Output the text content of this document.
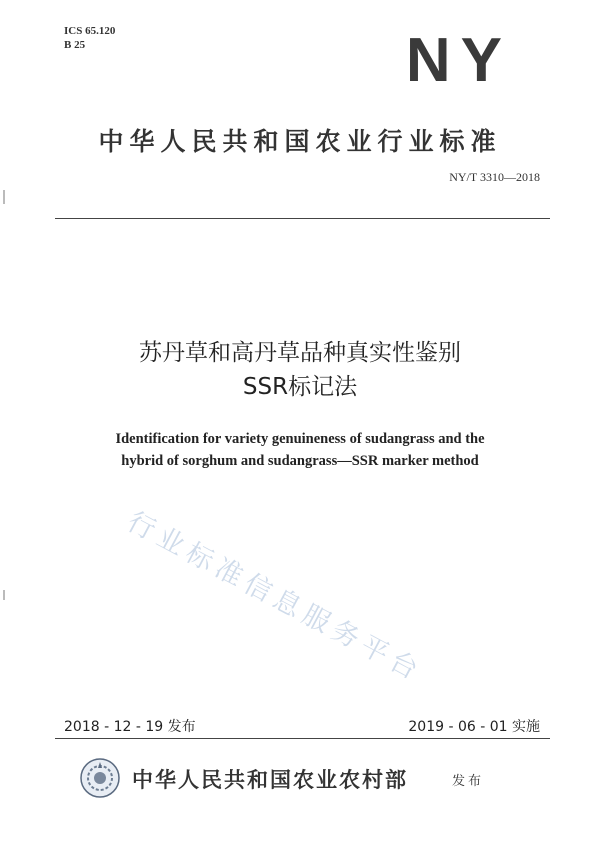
ICS 65.120
B 25	NY
中华人民共和国农业行业标准
NY/T 3310—2018
苏丹草和高丹草品种真实性鉴别
SSR标记法
Identification for variety genuineness of sudangrass and the
hybrid of sorghum and sudangrass—SSR marker method
行业标准信息服务平台
2018 - 12 - 19 发布	2019 - 06 - 01 实施
中华人民共和国农业农村部	发布
